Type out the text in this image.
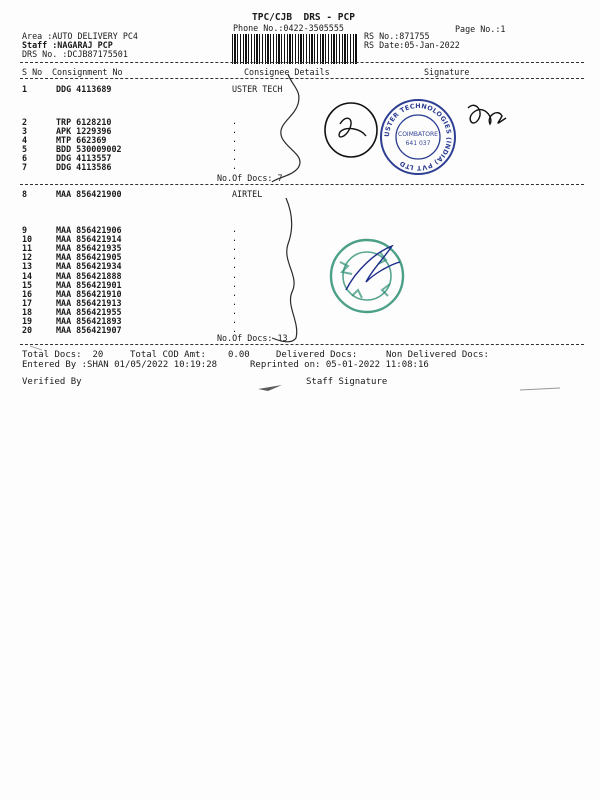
TPC/CJB  DRS - PCP
Phone No.:0422-3505555	Page No.:1
Area :AUTO DELIVERY PC4
Staff :NAGARAJ PCP
DRS No. :DCJB87175501
RS No.:871755
RS Date:05-Jan-2022
S No Consignment No	Consignee Details	Signature
1	DDG 4113689	USTER TECH
2	TRP 6128210	.
3	APK 1229396	.
4	MTP 662369	.
5	BDD 530009002	.
6	DDG 4113557	.
7	DDG 4113586	.
No.Of Docs: 7
8	MAA 856421900	AIRTEL
9	MAA 856421906	.
10	MAA 856421914	.
11	MAA 856421935	.
12	MAA 856421905	.
13	MAA 856421934	.
14	MAA 856421888	.
15	MAA 856421901	.
16	MAA 856421910	.
17	MAA 856421913	.
18	MAA 856421955	.
19	MAA 856421893	.
20	MAA 856421907	.
No.Of Docs: 13
Total Docs:  20	Total COD Amt: 0.00	Delivered Docs:	Non Delivered Docs:
Entered By :SHAN 01/05/2022 10:19:28	Reprinted on: 05-01-2022 11:08:16
Verified By	Staff Signature
USTER TECHNOLOGIES (INDIA) PVT LTD
COIMBATORE
641 037
